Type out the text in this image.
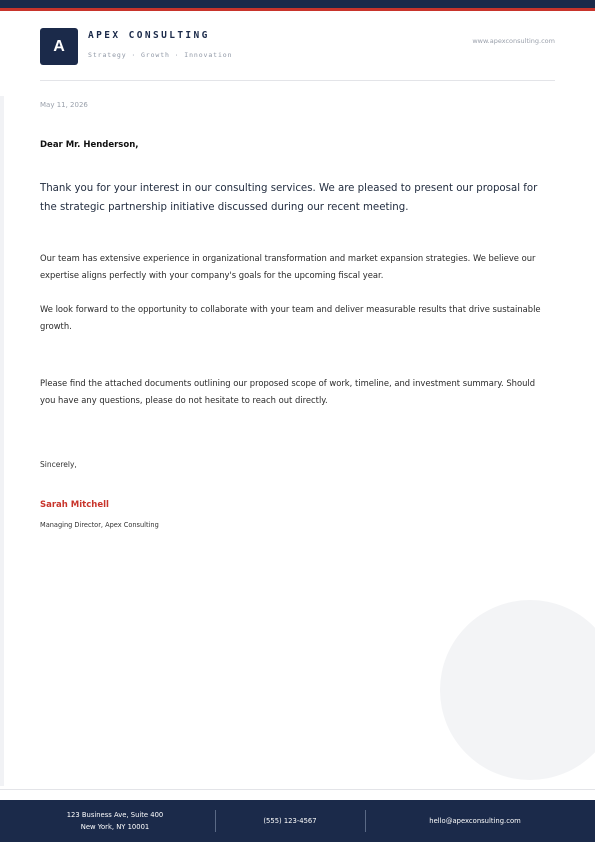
A
APEX CONSULTING
Strategy · Growth · Innovation
www.apexconsulting.com
May 11, 2026
Dear Mr. Henderson,

Thank you for your interest in our consulting services. We are pleased to present our proposal for the strategic partnership initiative discussed during our recent meeting.

Our team has extensive experience in organizational transformation and market expansion strategies. We believe our expertise aligns perfectly with your company's goals for the upcoming fiscal year.

We look forward to the opportunity to collaborate with your team and deliver measurable results that drive sustainable growth.

Please find the attached documents outlining our proposed scope of work, timeline, and investment summary. Should you have any questions, please do not hesitate to reach out directly.

Sincerely,
Sarah Mitchell
Managing Director, Apex Consulting
123 Business Ave, Suite 400
New York, NY 10001
(555) 123-4567	hello@apexconsulting.com
